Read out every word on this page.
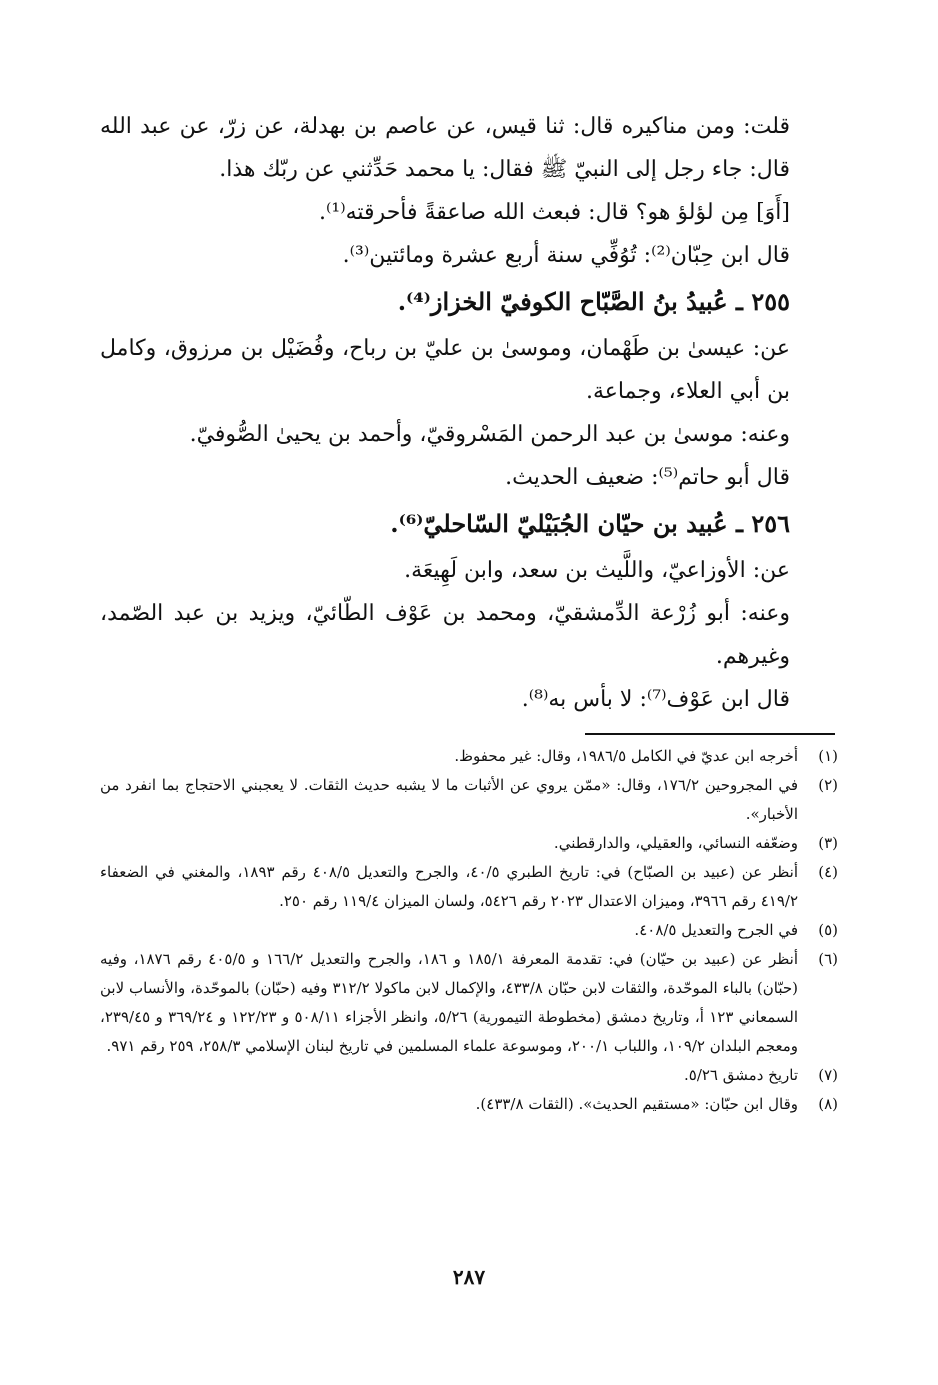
قلت: ومن مناكيره قال: ثنا قيس، عن عاصم بن بهدلة، عن زرّ، عن عبد الله قال: جاء رجل إلى النبيّ ﷺ فقال: يا محمد حَدِّثني عن ربّك هذا.

[أَوَ] مِن لؤلؤ هو؟ قال: فبعث الله صاعقةً فأحرقته⁽¹⁾.

قال ابن حِبّان⁽²⁾: تُوُفِّي سنة أربع عشرة ومائتين⁽³⁾.

٢٥٥ ـ عُبيدُ بنُ الصَّبّاح الكوفيّ الخزاز⁽⁴⁾.

عن: عيسىٰ بن طَهْمان، وموسىٰ بن عليّ بن رباح، وفُضَيْل بن مرزوق، وكامل بن أبي العلاء، وجماعة.

وعنه: موسىٰ بن عبد الرحمن المَسْروقيّ، وأحمد بن يحيىٰ الصُّوفيّ.

قال أبو حاتم⁽⁵⁾: ضعيف الحديث.

٢٥٦ ـ عُبيد بن حيّان الجُبَيْليّ السّاحليّ⁽⁶⁾.

عن: الأوزاعيّ، واللَّيث بن سعد، وابن لَهِيعَة.

وعنه: أبو زُرْعة الدِّمشقيّ، ومحمد بن عَوْف الطّائيّ، ويزيد بن عبد الصّمد، وغيرهم.

قال ابن عَوْف⁽⁷⁾: لا بأس به⁽⁸⁾.

(١)
أخرجه ابن عديّ في الكامل ١٩٨٦/٥، وقال: غير محفوظ.
(٢)
في المجروحين ١٧٦/٢، وقال: «ممّن يروي عن الأثبات ما لا يشبه حديث الثقات. لا يعجبني الاحتجاج بما انفرد من الأخبار».
(٣)
وضعّفه النسائي، والعقيلي، والدارقطني.
(٤)
أنظر عن (عبيد بن الصبّاح) في: تاريخ الطبري ٤٠/٥، والجرح والتعديل ٤٠٨/٥ رقم ١٨٩٣، والمغني في الضعفاء ٤١٩/٢ رقم ٣٩٦٦، وميزان الاعتدال ٢٠٢٣ رقم ٥٤٢٦، ولسان الميزان ١١٩/٤ رقم ٢٥٠.
(٥)
في الجرح والتعديل ٤٠٨/٥.
(٦)
أنظر عن (عبيد بن حيّان) في: تقدمة المعرفة ١٨٥/١ و ١٨٦، والجرح والتعديل ١٦٦/٢ و ٤٠٥/٥ رقم ١٨٧٦، وفيه (حبّان) بالباء الموحّدة، والثقات لابن حبّان ٤٣٣/٨، والإكمال لابن ماكولا ٣١٢/٢ وفيه (حبّان) بالموحّدة، والأنساب لابن السمعاني ١٢٣ أ، وتاريخ دمشق (مخطوطة التيمورية) ٥/٢٦، وانظر الأجزاء ٥٠٨/١١ و ١٢٢/٢٣ و ٣٦٩/٢٤ و ٢٣٩/٤٥، ومعجم البلدان ١٠٩/٢، واللباب ٢٠٠/١، وموسوعة علماء المسلمين في تاريخ لبنان الإسلامي ٢٥٨/٣، ٢٥٩ رقم ٩٧١.
(٧)
تاريخ دمشق ٥/٢٦.
(٨)
وقال ابن حبّان: «مستقيم الحديث». (الثقات ٤٣٣/٨).
٢٨٧
